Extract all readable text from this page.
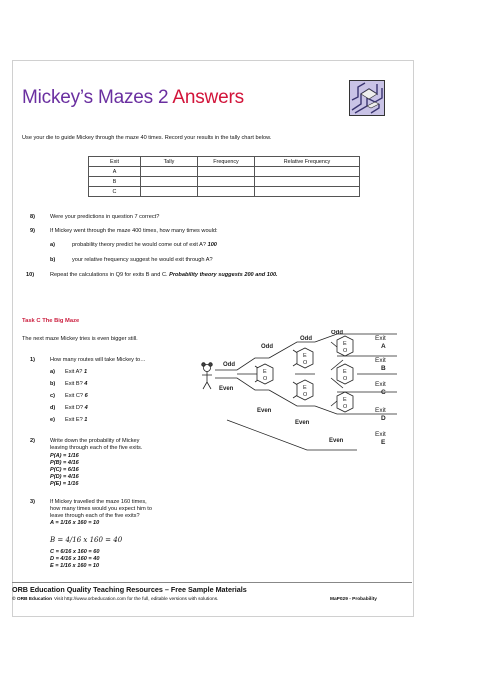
Mickey’s Mazes 2 Answers
Use your die to guide Mickey through the maze 40 times. Record your results in the tally chart below.
Exit	Tally	Frequency	Relative Frequency
A			
B			
C			
8)	Were your predictions in question 7 correct?
9)	If Mickey went through the maze 400 times, how many times would:
a)	probability theory predict he would come out of exit A? 100
b)	your relative frequency suggest he would exit through A?
10)	Repeat the calculations in Q9 for exits B and C. Probability theory suggests 200 and 100.
Task C The Big Maze
The next maze Mickey tries is even bigger still.
1)	How many routes will take Mickey to…
a) Exit A? 1
b) Exit B? 4
c) Exit C? 6
d) Exit D? 4
e) Exit E? 1
2)	Write down the probability of Mickey
leaving through each of the five exits.
P(A) = 1/16
P(B) = 4/16
P(C) = 6/16
P(D) = 4/16
P(E) = 1/16
3)	If Mickey travelled the maze 160 times,
how many times would you expect him to
leave through each of the five exits?
A = 1/16 x 160 = 10
B = 4/16 x 160 = 40
C = 6/16 x 160 = 60
D = 4/16 x 160 = 40
E = 1/16 x 160 = 10
E
O
E
O
E
O
E
O
E
O
E
O
Odd
Odd
Odd
Odd
Even
Even
Even
Even
Exit
A
Exit
B
Exit
C
Exit
D
Exit
E
ORB Education Quality Teaching Resources – Free Sample Materials
© ORB Education Visit http://www.orbeducation.com for the full, editable versions with solutions.	MaP029 - Probability
